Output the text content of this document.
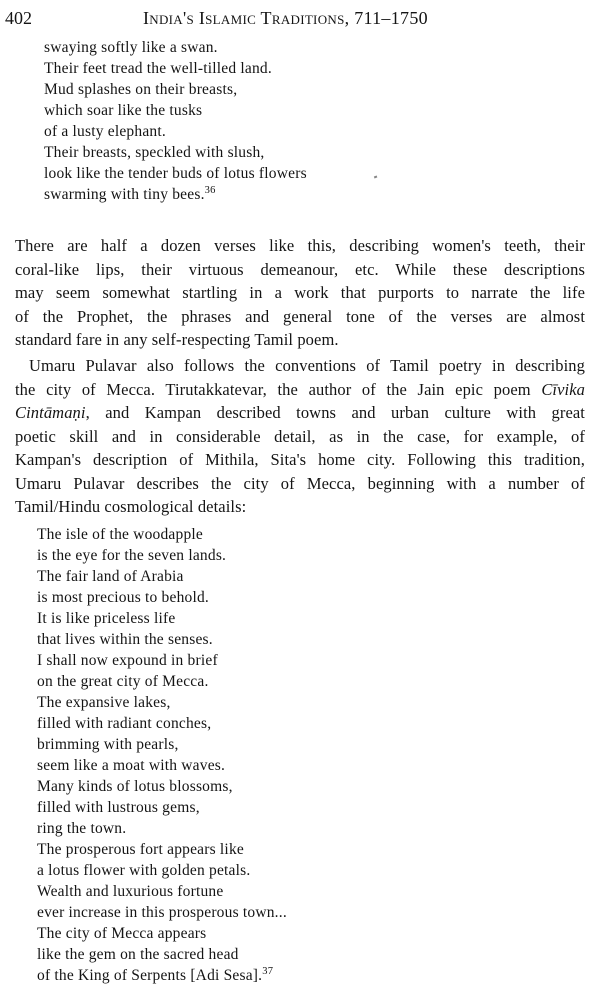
402	India's Islamic Traditions, 711–1750
swaying softly like a swan.
Their feet tread the well-tilled land.
Mud splashes on their breasts,
which soar like the tusks
of a lusty elephant.
Their breasts, speckled with slush,
look like the tender buds of lotus flowers
swarming with tiny bees.$^{36}$
There are half a dozen verses like this, describing women's teeth, their
coral-like lips, their virtuous demeanour, etc. While these descriptions
may seem somewhat startling in a work that purports to narrate the life
of the Prophet, the phrases and general tone of the verses are almost
standard fare in any self-respecting Tamil poem.
Umaru Pulavar also follows the conventions of Tamil poetry in describing
the city of Mecca. Tirutakkatevar, the author of the Jain epic poem Cīvika
Cintāmaṇi, and Kampan described towns and urban culture with great
poetic skill and in considerable detail, as in the case, for example, of
Kampan's description of Mithila, Sita's home city. Following this tradition,
Umaru Pulavar describes the city of Mecca, beginning with a number of
Tamil/Hindu cosmological details:
The isle of the woodapple
is the eye for the seven lands.
The fair land of Arabia
is most precious to behold.
It is like priceless life
that lives within the senses.
I shall now expound in brief
on the great city of Mecca.
The expansive lakes,
filled with radiant conches,
brimming with pearls,
seem like a moat with waves.
Many kinds of lotus blossoms,
filled with lustrous gems,
ring the town.
The prosperous fort appears like
a lotus flower with golden petals.
Wealth and luxurious fortune
ever increase in this prosperous town...
The city of Mecca appears
like the gem on the sacred head
of the King of Serpents [Adi Sesa].$^{37}$
